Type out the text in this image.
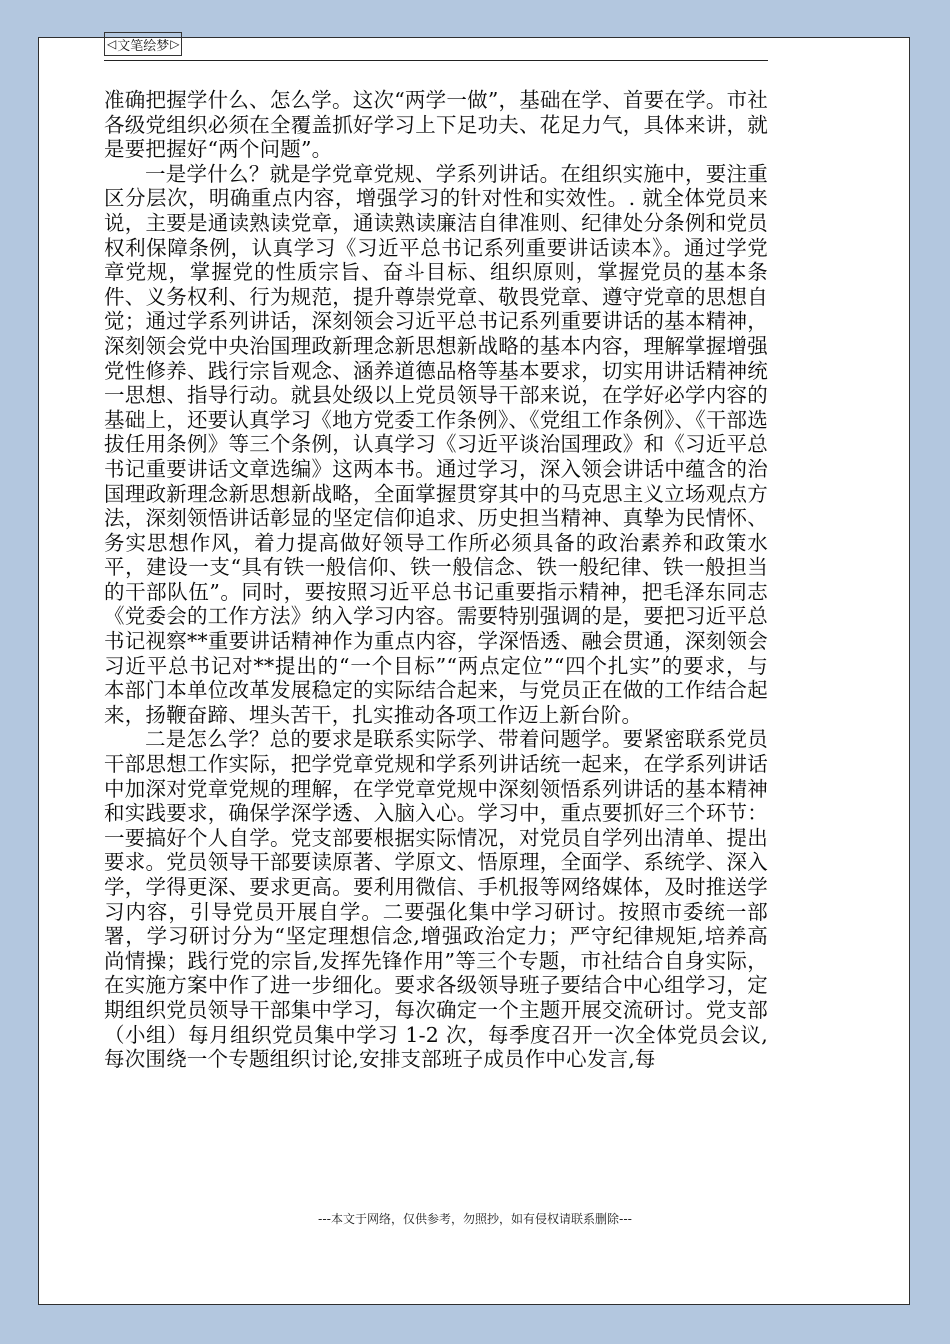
◁ 文笔绘梦 ▷

准确把握学什么、怎么学。这次“两学一做”，基础在学、首要在学。市社各级党组织必须在全覆盖抓好学习上下足功夫、花足力气，具体来讲，就是要把握好“两个问题”。

一是学什么？就是学党章党规、学系列讲话。在组织实施中，要注重区分层次，明确重点内容，增强学习的针对性和实效性。. 就全体党员来说，主要是通读熟读党章，通读熟读廉洁自律准则、纪律处分条例和党员权利保障条例，认真学习《习近平总书记系列重要讲话读本》。通过学党章党规，掌握党的性质宗旨、奋斗目标、组织原则，掌握党员的基本条件、义务权利、行为规范，提升尊崇党章、敬畏党章、遵守党章的思想自觉；通过学系列讲话，深刻领会习近平总书记系列重要讲话的基本精神，深刻领会党中央治国理政新理念新思想新战略的基本内容，理解掌握增强党性修养、践行宗旨观念、涵养道德品格等基本要求，切实用讲话精神统一思想、指导行动。就县处级以上党员领导干部来说，在学好必学内容的基础上，还要认真学习《地方党委工作条例》、《党组工作条例》、《干部选拔任用条例》等三个条例，认真学习《习近平谈治国理政》和《习近平总书记重要讲话文章选编》这两本书。通过学习，深入领会讲话中蕴含的治国理政新理念新思想新战略，全面掌握贯穿其中的马克思主义立场观点方法，深刻领悟讲话彰显的坚定信仰追求、历史担当精神、真挚为民情怀、务实思想作风，着力提高做好领导工作所必须具备的政治素养和政策水平，建设一支“具有铁一般信仰、铁一般信念、铁一般纪律、铁一般担当的干部队伍”。同时，要按照习近平总书记重要指示精神，把毛泽东同志《党委会的工作方法》纳入学习内容。需要特别强调的是，要把习近平总书记视察**重要讲话精神作为重点内容，学深悟透、融会贯通，深刻领会习近平总书记对**提出的“一个目标”“两点定位”“四个扎实”的要求，与本部门本单位改革发展稳定的实际结合起来，与党员正在做的工作结合起来，扬鞭奋蹄、埋头苦干，扎实推动各项工作迈上新台阶。

二是怎么学？总的要求是联系实际学、带着问题学。要紧密联系党员干部思想工作实际，把学党章党规和学系列讲话统一起来，在学系列讲话中加深对党章党规的理解，在学党章党规中深刻领悟系列讲话的基本精神和实践要求，确保学深学透、入脑入心。学习中，重点要抓好三个环节：一要搞好个人自学。党支部要根据实际情况，对党员自学列出清单、提出要求。党员领导干部要读原著、学原文、悟原理，全面学、系统学、深入学，学得更深、要求更高。要利用微信、手机报等网络媒体，及时推送学习内容，引导党员开展自学。二要强化集中学习研讨。按照市委统一部署，学习研讨分为“坚定理想信念,增强政治定力；严守纪律规矩,培养高尚情操；践行党的宗旨,发挥先锋作用”等三个专题，市社结合自身实际，在实施方案中作了进一步细化。要求各级领导班子要结合中心组学习，定期组织党员领导干部集中学习，每次确定一个主题开展交流研讨。党支部（小组）每月组织党员集中学习 1-2 次，每季度召开一次全体党员会议,每次围绕一个专题组织讨论,安排支部班子成员作中心发言,每

---本文于网络，仅供参考，勿照抄，如有侵权请联系删除---
